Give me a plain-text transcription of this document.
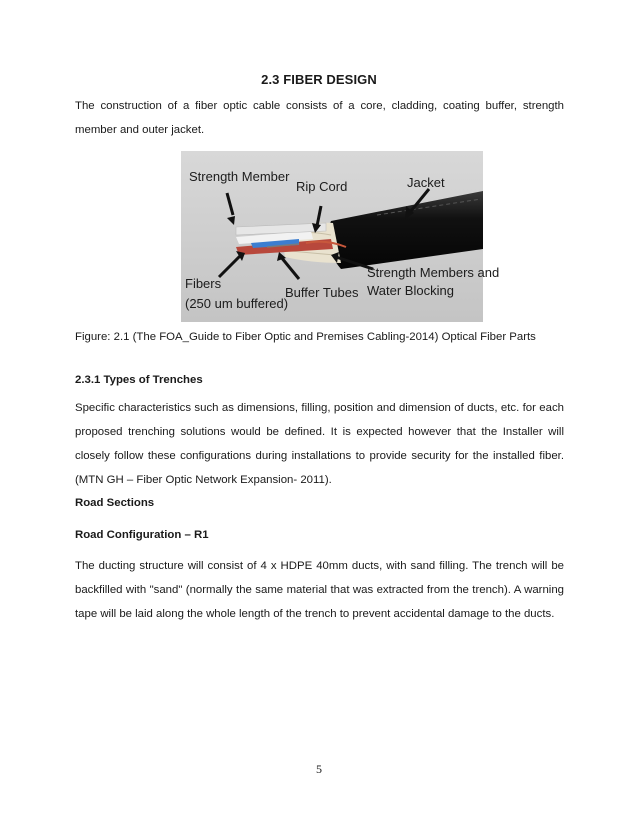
2.3 FIBER DESIGN
The construction of a fiber optic cable consists of a core, cladding, coating buffer, strength member and outer jacket.
Strength Member
Rip Cord	Jacket
Fibers
(250 um buffered)
Buffer Tubes
Strength Members and
Water Blocking
Figure: 2.1 (The FOA_Guide to Fiber Optic and Premises Cabling-2014) Optical Fiber Parts
2.3.1 Types of Trenches
Specific characteristics such as dimensions, filling, position and dimension of ducts, etc. for each proposed trenching solutions would be defined. It is expected however that the Installer will closely follow these configurations during installations to provide security for the installed fiber. (MTN GH – Fiber Optic Network Expansion- 2011).
Road Sections
Road Configuration – R1
The ducting structure will consist of 4 x HDPE 40mm ducts, with sand filling. The trench will be backfilled with "sand" (normally the same material that was extracted from the trench). A warning tape will be laid along the whole length of the trench to prevent accidental damage to the ducts.
5
